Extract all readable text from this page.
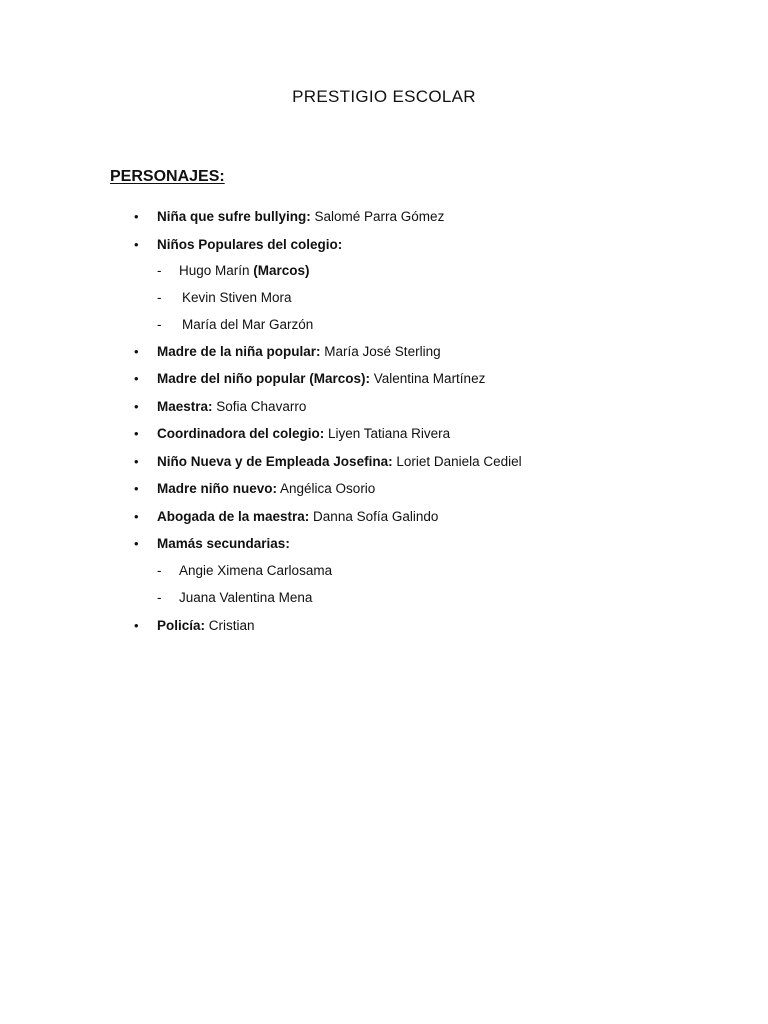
PRESTIGIO ESCOLAR
PERSONAJES:
• Niña que sufre bullying: Salomé Parra Gómez
• Niños Populares del colegio:
- Hugo Marín (Marcos)
- Kevin Stiven Mora
- María del Mar Garzón
• Madre de la niña popular: María José Sterling
• Madre del niño popular (Marcos): Valentina Martínez
• Maestra: Sofia Chavarro
• Coordinadora del colegio: Liyen Tatiana Rivera
• Niño Nueva y de Empleada Josefina: Loriet Daniela Cediel
• Madre niño nuevo: Angélica Osorio
• Abogada de la maestra: Danna Sofía Galindo
• Mamás secundarias:
- Angie Ximena Carlosama
- Juana Valentina Mena
• Policía: Cristian
